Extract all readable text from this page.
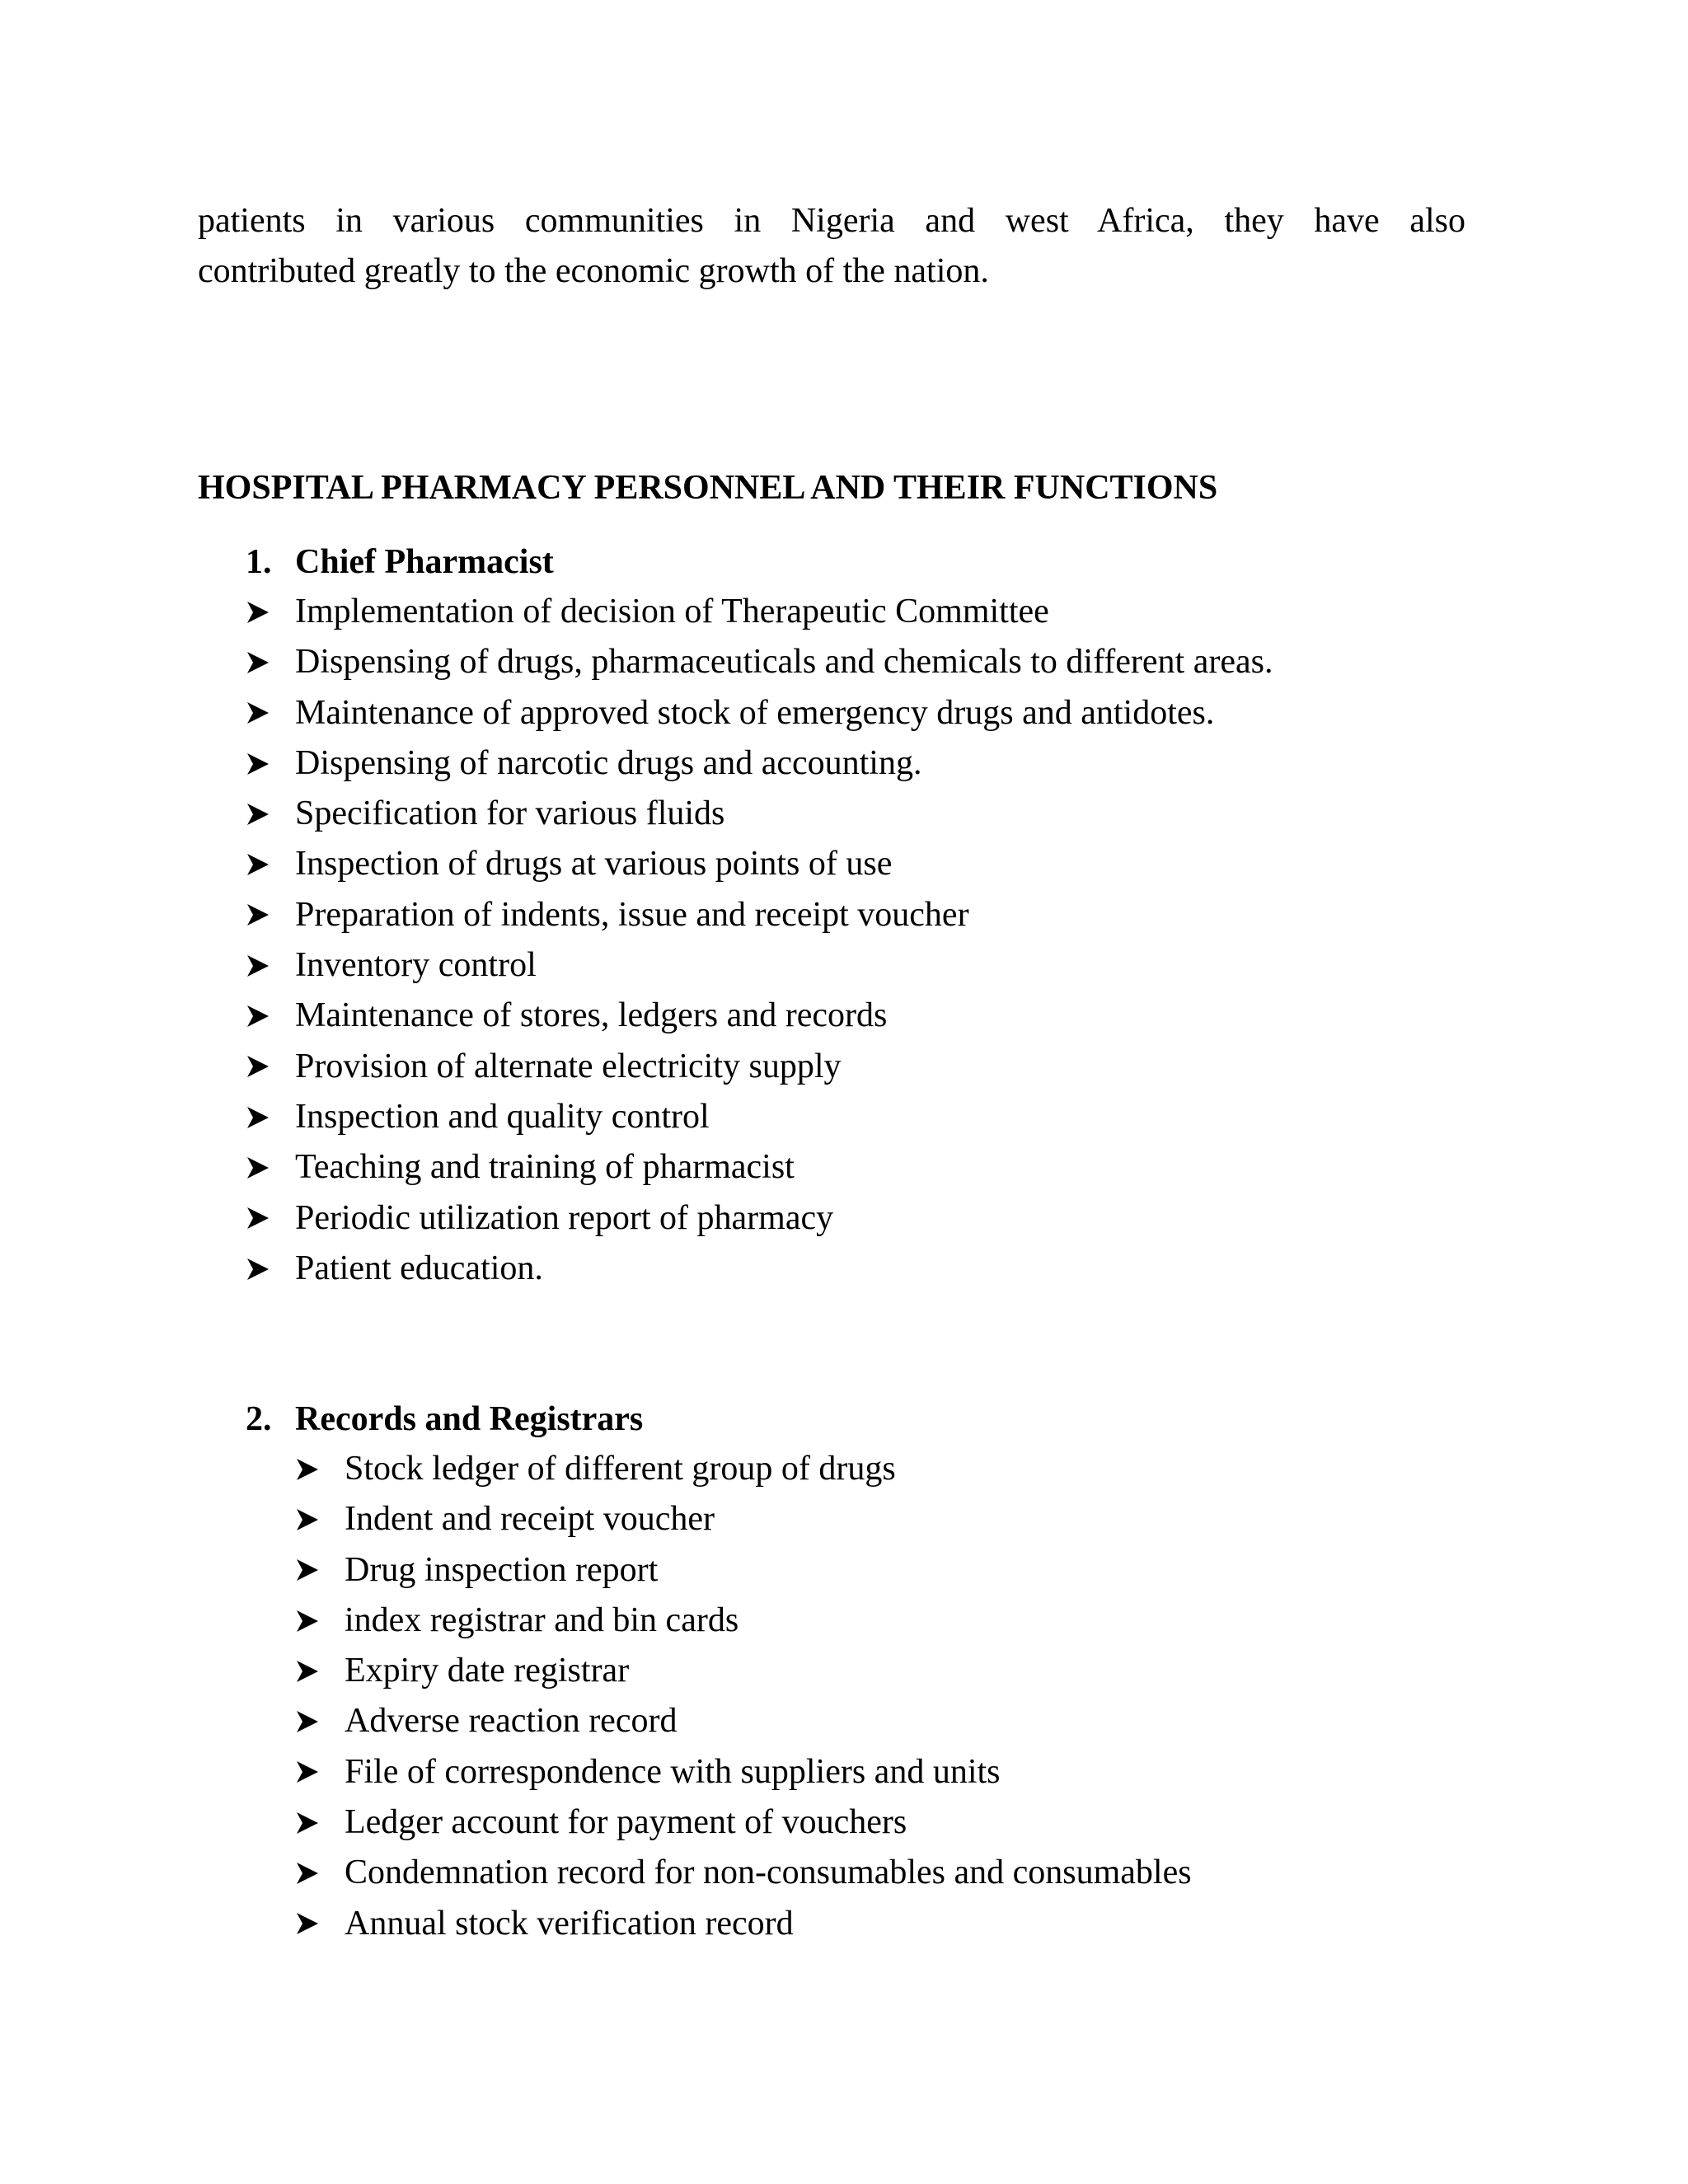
patients in various communities in Nigeria and west Africa, they have also
contributed greatly to the economic growth of the nation.

HOSPITAL PHARMACY PERSONNEL AND THEIR FUNCTIONS
1. Chief Pharmacist
Implementation of decision of Therapeutic Committee
Dispensing of drugs, pharmaceuticals and chemicals to different areas.
Maintenance of approved stock of emergency drugs and antidotes.
Dispensing of narcotic drugs and accounting.
Specification for various fluids
Inspection of drugs at various points of use
Preparation of indents, issue and receipt voucher
Inventory control
Maintenance of stores, ledgers and records
Provision of alternate electricity supply
Inspection and quality control
Teaching and training of pharmacist
Periodic utilization report of pharmacy
Patient education.
2. Records and Registrars
Stock ledger of different group of drugs
Indent and receipt voucher
Drug inspection report
index registrar and bin cards
Expiry date registrar
Adverse reaction record
File of correspondence with suppliers and units
Ledger account for payment of vouchers
Condemnation record for non-consumables and consumables
Annual stock verification record
